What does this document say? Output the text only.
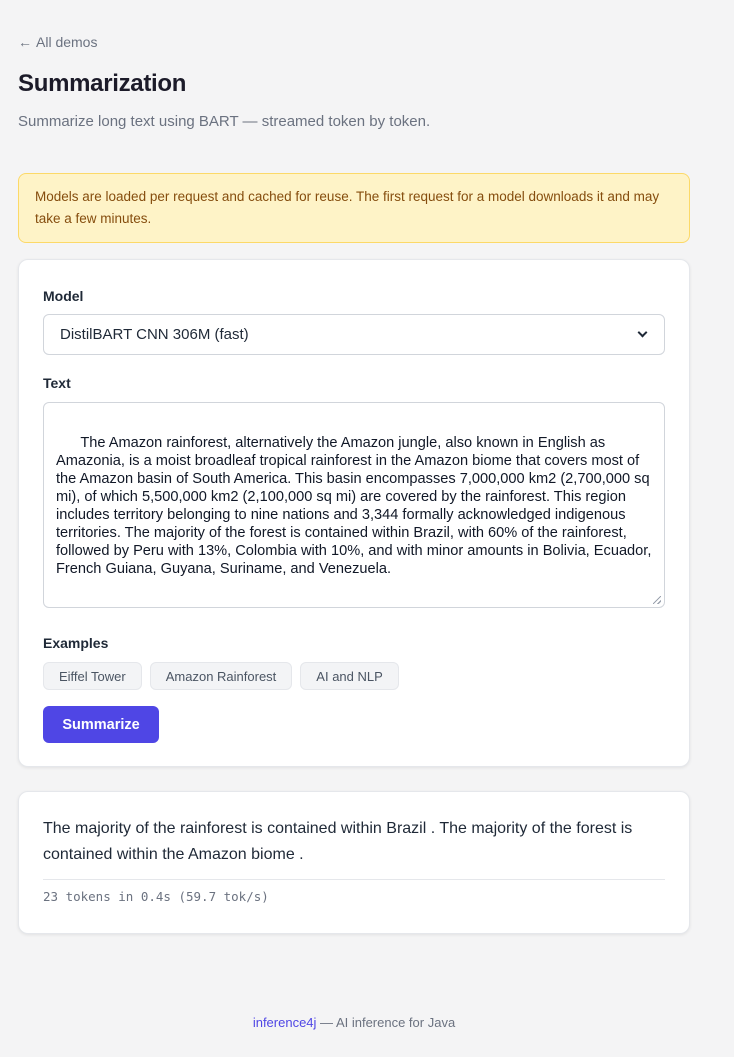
← All demos
Summarization

Summarize long text using BART — streamed token by token.

Models are loaded per request and cached for reuse. The first request for a model downloads it and may take a few minutes.
Model
DistilBART CNN 306M (fast)
Text

The Amazon rainforest, alternatively the Amazon jungle, also known in English as Amazonia, is a moist broadleaf tropical rainforest in the Amazon biome that covers most of the Amazon basin of South America. This basin encompasses 7,000,000 km2 (2,700,000 sq mi), of which 5,500,000 km2 (2,100,000 sq mi) are covered by the rainforest. This region includes territory belonging to nine nations and 3,344 formally acknowledged indigenous territories. The majority of the forest is contained within Brazil, with 60% of the rainforest, followed by Peru with 13%, Colombia with 10%, and with minor amounts in Bolivia, Ecuador, French Guiana, Guyana, Suriname, and Venezuela.

Examples
Eiffel Tower	Amazon Rainforest	AI and NLP
Summarize

The majority of the rainforest is contained within Brazil . The majority of the forest is contained within the Amazon biome .

23 tokens in 0.4s (59.7 tok/s)
inference4j — AI inference for Java
